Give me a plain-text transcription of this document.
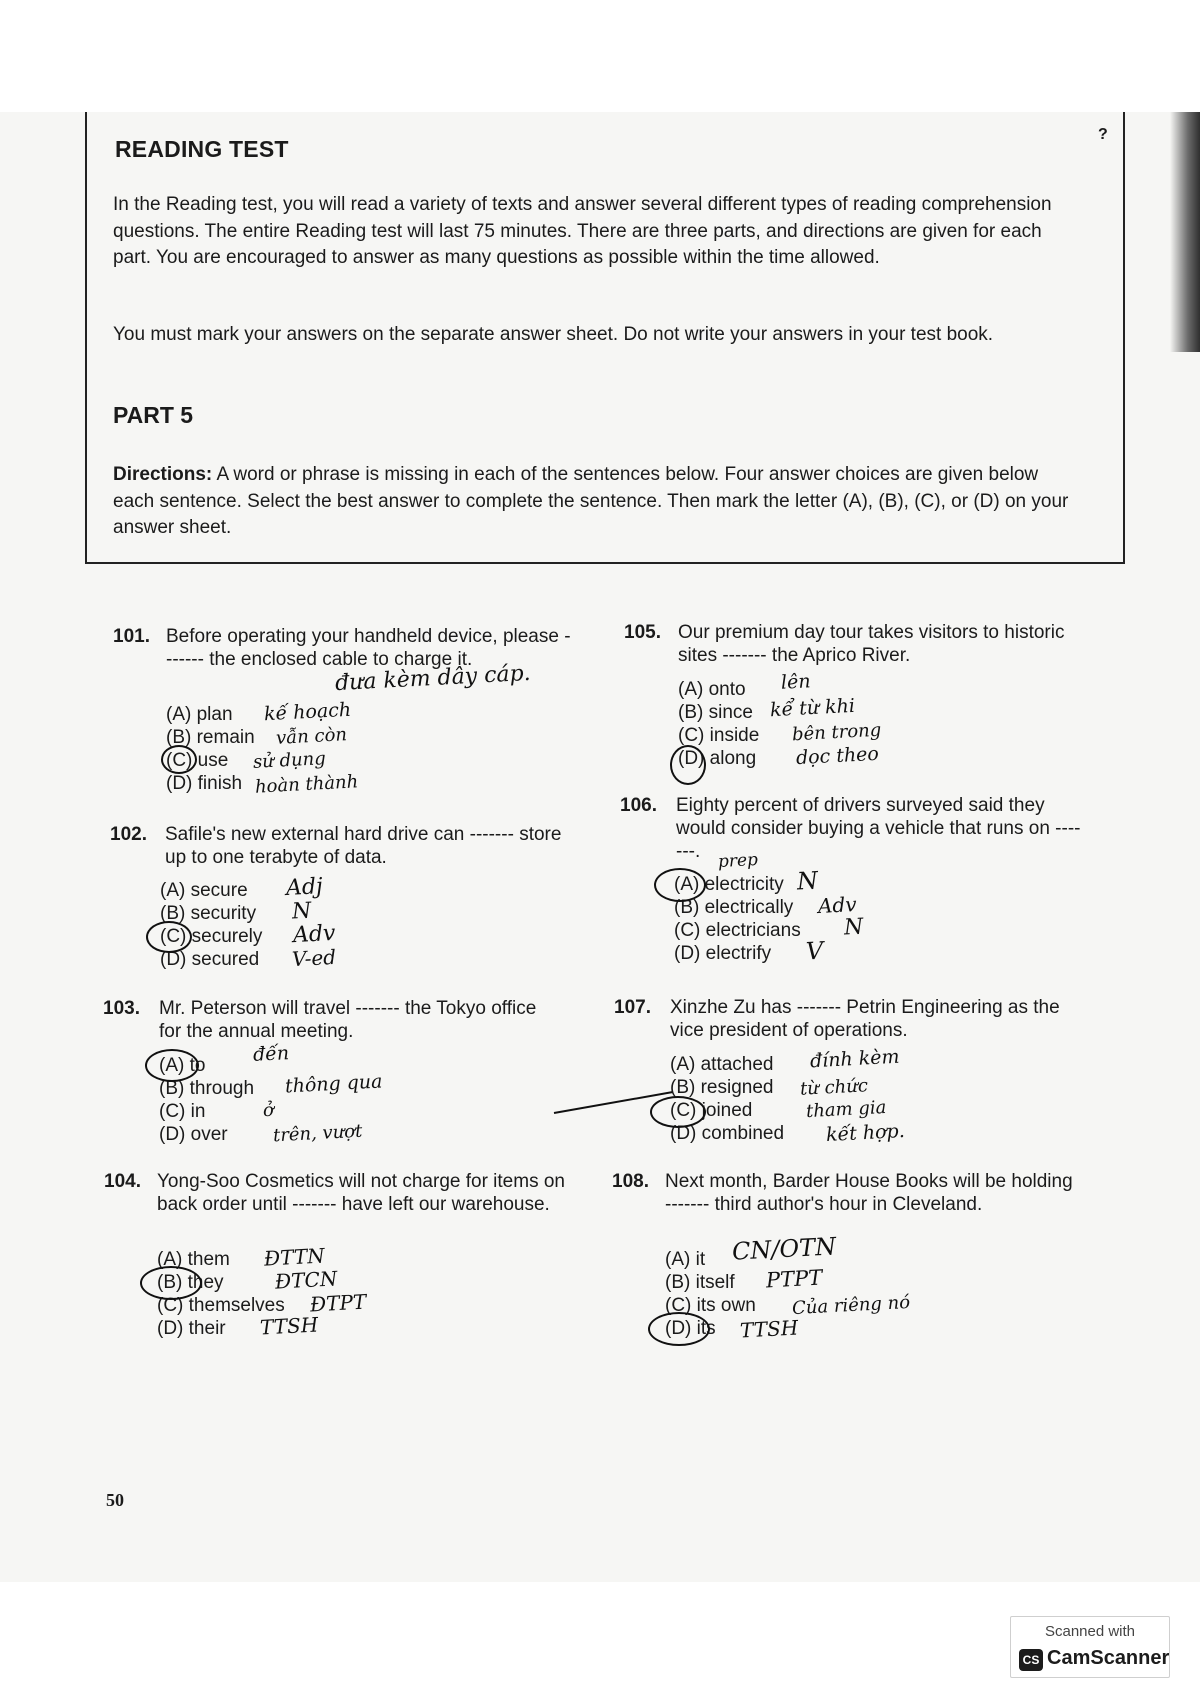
?
READING TEST
In the Reading test, you will read a variety of texts and answer several different types of reading comprehension questions. The entire Reading test will last 75 minutes. There are three parts, and directions are given for each part. You are encouraged to answer as many questions as possible within the time allowed.
You must mark your answers on the separate answer sheet. Do not write your answers in your test book.
PART 5
Directions: A word or phrase is missing in each of the sentences below. Four answer choices are given below each sentence. Select the best answer to complete the sentence. Then mark the letter (A), (B), (C), or (D) on your answer sheet.
101. Before operating your handheld device, please ------- the enclosed cable to charge it.
(A) plan
(B) remain
(C) use
(D) finish
đưa kèm dây cáp.
kế hoạch
vẫn còn
sử dụng
hoàn thành
102. Safile's new external hard drive can ------- store up to one terabyte of data.
(A) secure
(B) security
(C) securely
(D) secured
Adj
N
Adv
V-ed
103. Mr. Peterson will travel ------- the Tokyo office for the annual meeting.
(A) to
(B) through
(C) in
(D) over
đến
thông qua
ở
trên, vượt
104. Yong-Soo Cosmetics will not charge for items on back order until ------- have left our warehouse.
(A) them
(B) they
(C) themselves
(D) their
ĐTTN
ĐTCN
ĐTPT
TTSH
105. Our premium day tour takes visitors to historic sites ------- the Aprico River.
(A) onto
(B) since
(C) inside
(D) along
lên
kể từ khi
bên trong
dọc theo
106. Eighty percent of drivers surveyed said they would consider buying a vehicle that runs on -------.
(A) electricity
(B) electrically
(C) electricians
(D) electrify
prep
N
Adv
N
V
107. Xinzhe Zu has ------- Petrin Engineering as the vice president of operations.
(A) attached
(B) resigned
(C) joined
(D) combined
đính kèm
từ chức
tham gia
kết hợp.
108. Next month, Barder House Books will be holding ------- third author's hour in Cleveland.
(A) it
(B) itself
(C) its own
(D) its
CN/OTN
PTPT
Của riêng nó
TTSH
50
Scanned with
CS CamScanner
